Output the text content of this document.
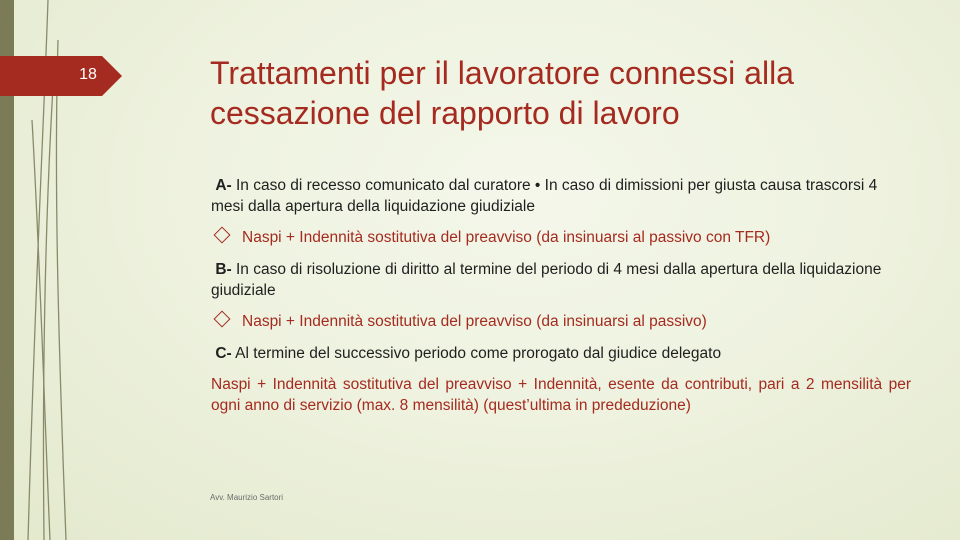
18	Trattamenti per il lavoratore connessi alla cessazione del rapporto di lavoro
A- In caso di recesso comunicato dal curatore • In caso di dimissioni per giusta causa trascorsi 4 mesi dalla apertura della liquidazione giudiziale
Naspi + Indennità sostitutiva del preavviso (da insinuarsi al passivo con TFR)
B- In caso di risoluzione di diritto al termine del periodo di 4 mesi dalla apertura della liquidazione giudiziale
Naspi + Indennità sostitutiva del preavviso (da insinuarsi al passivo)
C- Al termine del successivo periodo come prorogato dal giudice delegato
Naspi + Indennità sostitutiva del preavviso + Indennità, esente da contributi, pari a 2 mensilità per ogni anno di servizio (max. 8 mensilità) (quest’ultima in prededuzione)
Avv. Maurizio Sartori
